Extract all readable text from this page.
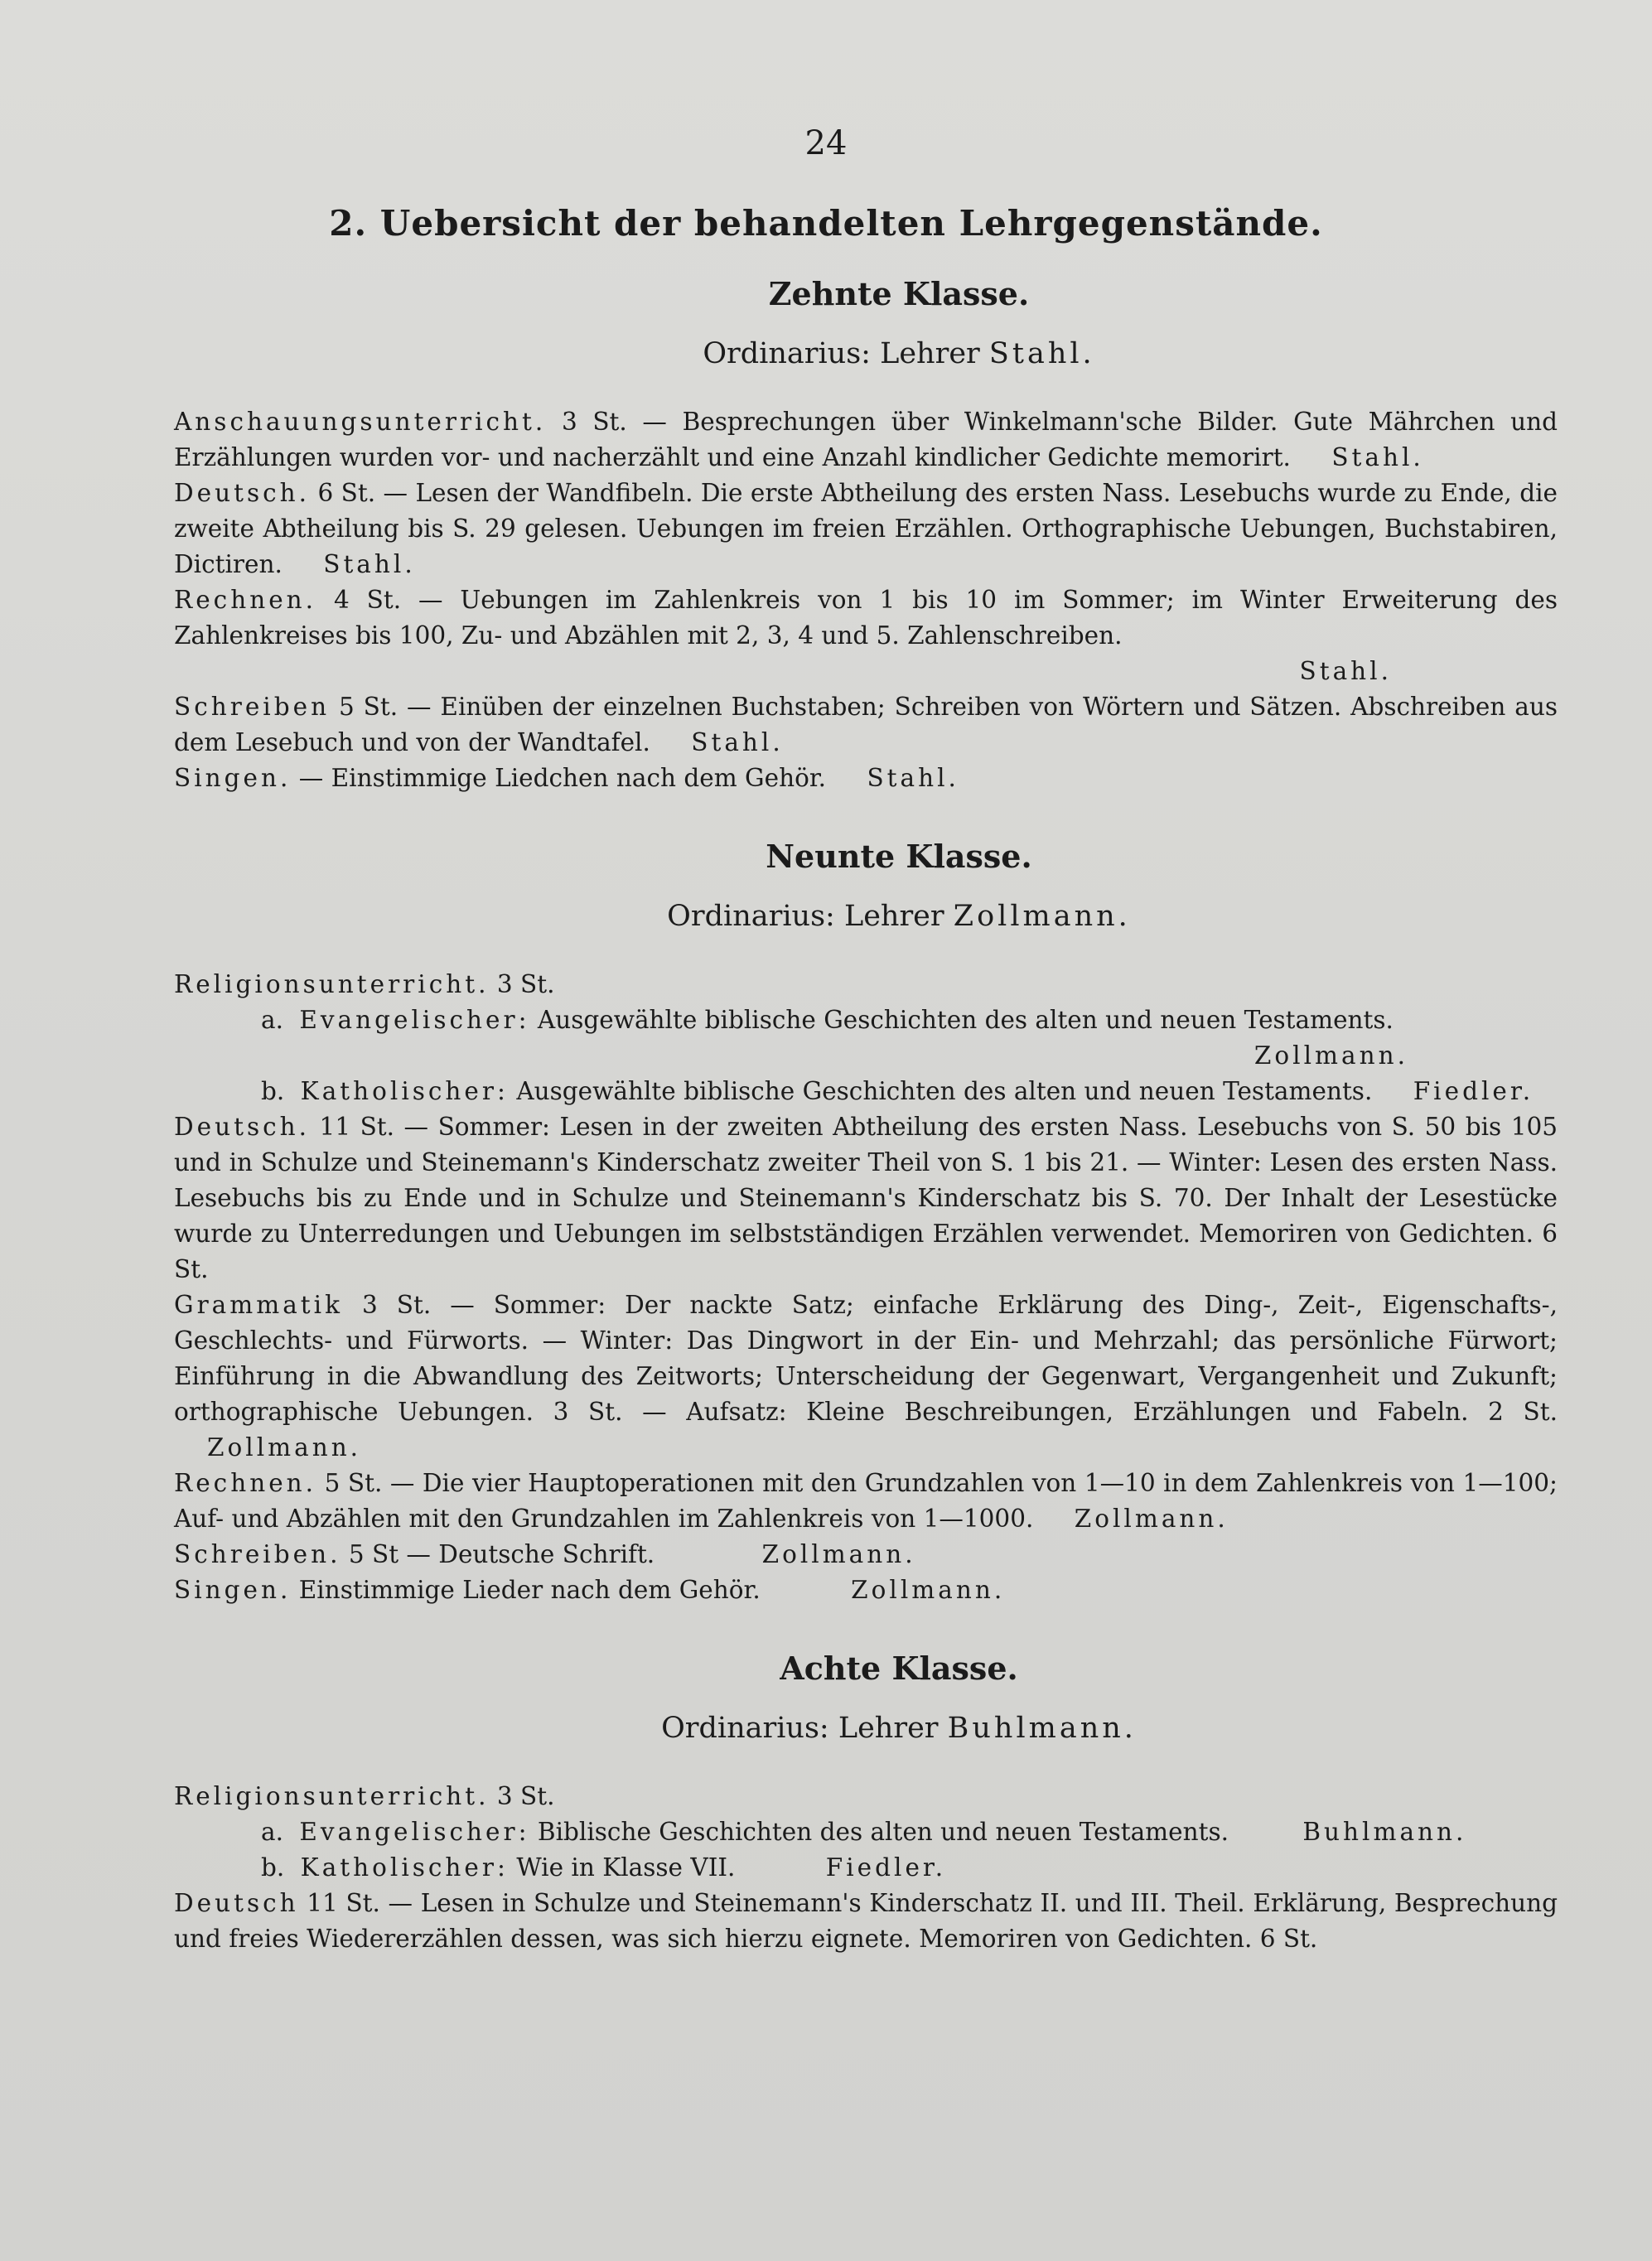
24
2. Uebersicht der behandelten Lehrgegenstände.
Zehnte Klasse.
Ordinarius: Lehrer Stahl.

Anschauungsunterricht. 3 St. — Besprechungen über Winkelmann'sche Bilder. Gute Mährchen und Erzählungen wurden vor- und nacherzählt und eine Anzahl kindlicher Gedichte memorirt. Stahl.

Deutsch. 6 St. — Lesen der Wandfibeln. Die erste Abtheilung des ersten Nass. Lesebuchs wurde zu Ende, die zweite Abtheilung bis S. 29 gelesen. Uebungen im freien Erzählen. Orthographische Uebungen, Buchstabiren, Dictiren. Stahl.

Rechnen. 4 St. — Uebungen im Zahlenkreis von 1 bis 10 im Sommer; im Winter Erweiterung des Zahlenkreises bis 100, Zu- und Abzählen mit 2, 3, 4 und 5. Zahlenschreiben.

Stahl.

Schreiben 5 St. — Einüben der einzelnen Buchstaben; Schreiben von Wörtern und Sätzen. Abschreiben aus dem Lesebuch und von der Wandtafel. Stahl.

Singen. — Einstimmige Liedchen nach dem Gehör. Stahl.

Neunte Klasse.
Ordinarius: Lehrer Zollmann.

Religionsunterricht. 3 St.

a. Evangelischer: Ausgewählte biblische Geschichten des alten und neuen Testaments.
Zollmann.
b. Katholischer: Ausgewählte biblische Geschichten des alten und neuen Testaments. Fiedler.

Deutsch. 11 St. — Sommer: Lesen in der zweiten Abtheilung des ersten Nass. Lesebuchs von S. 50 bis 105 und in Schulze und Steinemann's Kinderschatz zweiter Theil von S. 1 bis 21. — Winter: Lesen des ersten Nass. Lesebuchs bis zu Ende und in Schulze und Steinemann's Kinderschatz bis S. 70. Der Inhalt der Lesestücke wurde zu Unterredungen und Uebungen im selbstständigen Erzählen verwendet. Memoriren von Gedichten. 6 St.

Grammatik 3 St. — Sommer: Der nackte Satz; einfache Erklärung des Ding-, Zeit-, Eigenschafts-, Geschlechts- und Fürworts. — Winter: Das Dingwort in der Ein- und Mehrzahl; das persönliche Fürwort; Einführung in die Abwandlung des Zeitworts; Unterscheidung der Gegenwart, Vergangenheit und Zukunft; orthographische Uebungen. 3 St. — Aufsatz: Kleine Beschreibungen, Erzählungen und Fabeln. 2 St. Zollmann.

Rechnen. 5 St. — Die vier Hauptoperationen mit den Grundzahlen von 1—10 in dem Zahlenkreis von 1—100; Auf- und Abzählen mit den Grundzahlen im Zahlenkreis von 1—1000. Zollmann.

Schreiben. 5 St — Deutsche Schrift.	Zollmann.

Singen. Einstimmige Lieder nach dem Gehör.	Zollmann.

Achte Klasse.
Ordinarius: Lehrer Buhlmann.

Religionsunterricht. 3 St.

a. Evangelischer: Biblische Geschichten des alten und neuen Testaments.	Buhlmann.
b. Katholischer: Wie in Klasse VII.	Fiedler.

Deutsch 11 St. — Lesen in Schulze und Steinemann's Kinderschatz II. und III. Theil. Erklärung, Besprechung und freies Wiedererzählen dessen, was sich hierzu eignete. Memoriren von Gedichten. 6 St.
